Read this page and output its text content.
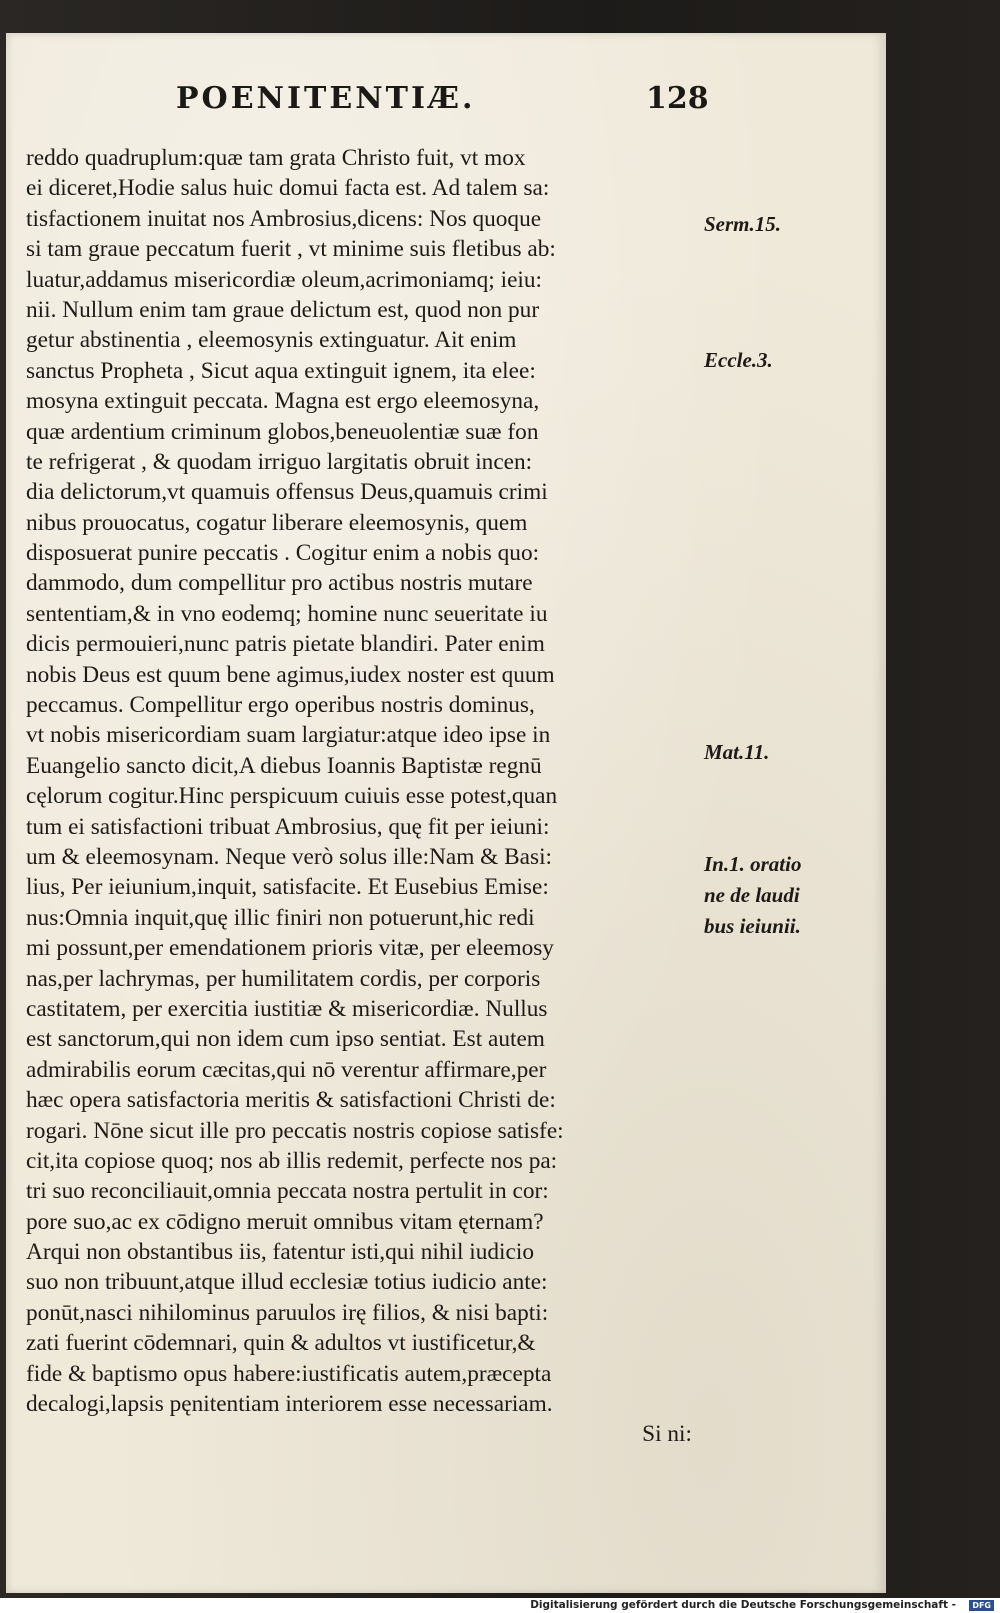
POENITENTIÆ.	128
reddo quadruplum:quæ tam grata Christo fuit, vt mox
ei diceret,Hodie salus huic domui facta est. Ad talem sa:
tisfactionem inuitat nos Ambrosius,dicens: Nos quoque
si tam graue peccatum fuerit , vt minime suis fletibus ab:
luatur,addamus misericordiæ oleum,acrimoniamq; ieiu:
nii. Nullum enim tam graue delictum est, quod non pur
getur abstinentia , eleemosynis extinguatur. Ait enim
sanctus Propheta , Sicut aqua extinguit ignem, ita elee:
mosyna extinguit peccata. Magna est ergo eleemosyna,
quæ ardentium criminum globos,beneuolentiæ suæ fon
te refrigerat , & quodam irriguo largitatis obruit incen:
dia delictorum,vt quamuis offensus Deus,quamuis crimi
nibus prouocatus, cogatur liberare eleemosynis, quem
disposuerat punire peccatis . Cogitur enim a nobis quo:
dammodo, dum compellitur pro actibus nostris mutare
sententiam,& in vno eodemq; homine nunc seueritate iu
dicis permouieri,nunc patris pietate blandiri. Pater enim
nobis Deus est quum bene agimus,iudex noster est quum
peccamus. Compellitur ergo operibus nostris dominus,
vt nobis misericordiam suam largiatur:atque ideo ipse in
Euangelio sancto dicit,A diebus Ioannis Baptistæ regnū
cęlorum cogitur.Hinc perspicuum cuiuis esse potest,quan
tum ei satisfactioni tribuat Ambrosius, quę fit per ieiuni:
um & eleemosynam. Neque verò solus ille:Nam & Basi:
lius, Per ieiunium,inquit, satisfacite. Et Eusebius Emise:
nus:Omnia inquit,quę illic finiri non potuerunt,hic redi
mi possunt,per emendationem prioris vitæ, per eleemosy
nas,per lachrymas, per humilitatem cordis, per corporis
castitatem, per exercitia iustitiæ & misericordiæ. Nullus
est sanctorum,qui non idem cum ipso sentiat. Est autem
admirabilis eorum cæcitas,qui nō verentur affirmare,per
hæc opera satisfactoria meritis & satisfactioni Christi de:
rogari. Nōne sicut ille pro peccatis nostris copiose satisfe:
cit,ita copiose quoq; nos ab illis redemit, perfecte nos pa:
tri suo reconciliauit,omnia peccata nostra pertulit in cor:
pore suo,ac ex cōdigno meruit omnibus vitam ęternam?
Arqui non obstantibus iis, fatentur isti,qui nihil iudicio
suo non tribuunt,atque illud ecclesiæ totius iudicio ante:
ponūt,nasci nihilominus paruulos irę filios, & nisi bapti:
zati fuerint cōdemnari, quin & adultos vt iustificetur,&
fide & baptismo opus habere:iustificatis autem,præcepta
decalogi,lapsis pęnitentiam interiorem esse necessariam.
Si ni:
Serm.15.
Eccle.3.
Mat.11.
In.1. oratio
ne de laudi
bus ieiunii.
Digitalisierung gefördert durch die Deutsche Forschungsgemeinschaft -	DFG
